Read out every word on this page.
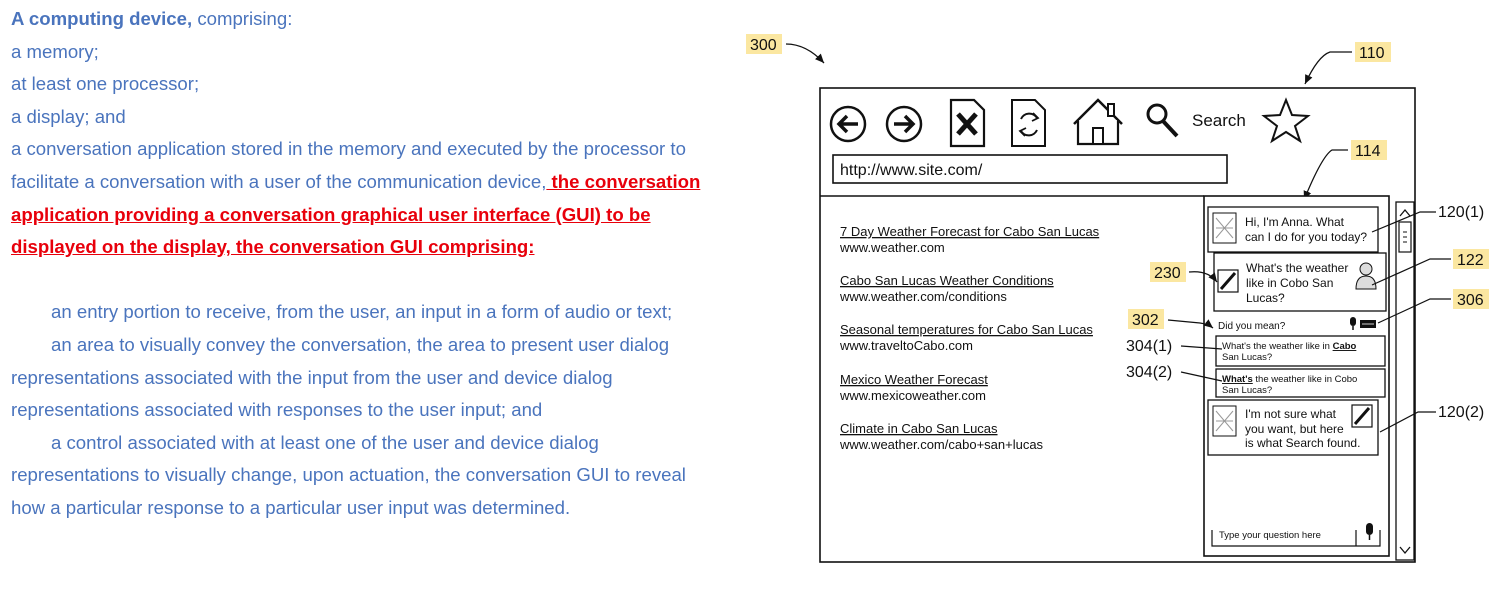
A computing device, comprising:

a memory;

at least one processor;

a display; and

a conversation application stored in the memory and executed by the processor to facilitate a conversation with a user of the communication device, the conversation application providing a conversation graphical user interface (GUI) to be displayed on the display, the conversation GUI comprising:

an entry portion to receive, from the user, an input in a form of audio or text;

an area to visually convey the conversation, the area to present user dialog representations associated with the input from the user and device dialog representations associated with responses to the user input; and

a control associated with at least one of the user and device dialog representations to visually change, upon actuation, the conversation GUI to reveal how a particular response to a particular user input was determined.

300	110
Search
114
http://www.site.com/
7 Day Weather Forecast for Cabo San Lucas
www.weather.com
Cabo San Lucas Weather Conditions
www.weather.com/conditions
Seasonal temperatures for Cabo San Lucas
www.traveltoCabo.com
Mexico Weather Forecast
www.mexicoweather.com
Climate in Cabo San Lucas
www.weather.com/cabo+san+lucas
Hi, I'm Anna. What
can I do for you today?
What's the weather
like in Cobo San
Lucas?
Did you mean?
What's the weather like in Cabo
San Lucas?
What's the weather like in Cobo
San Lucas?
I'm not sure what
you want, but here
is what Search found.
Type your question here
230
302
304(1)
304(2)
120(1)
122
306
120(2)
